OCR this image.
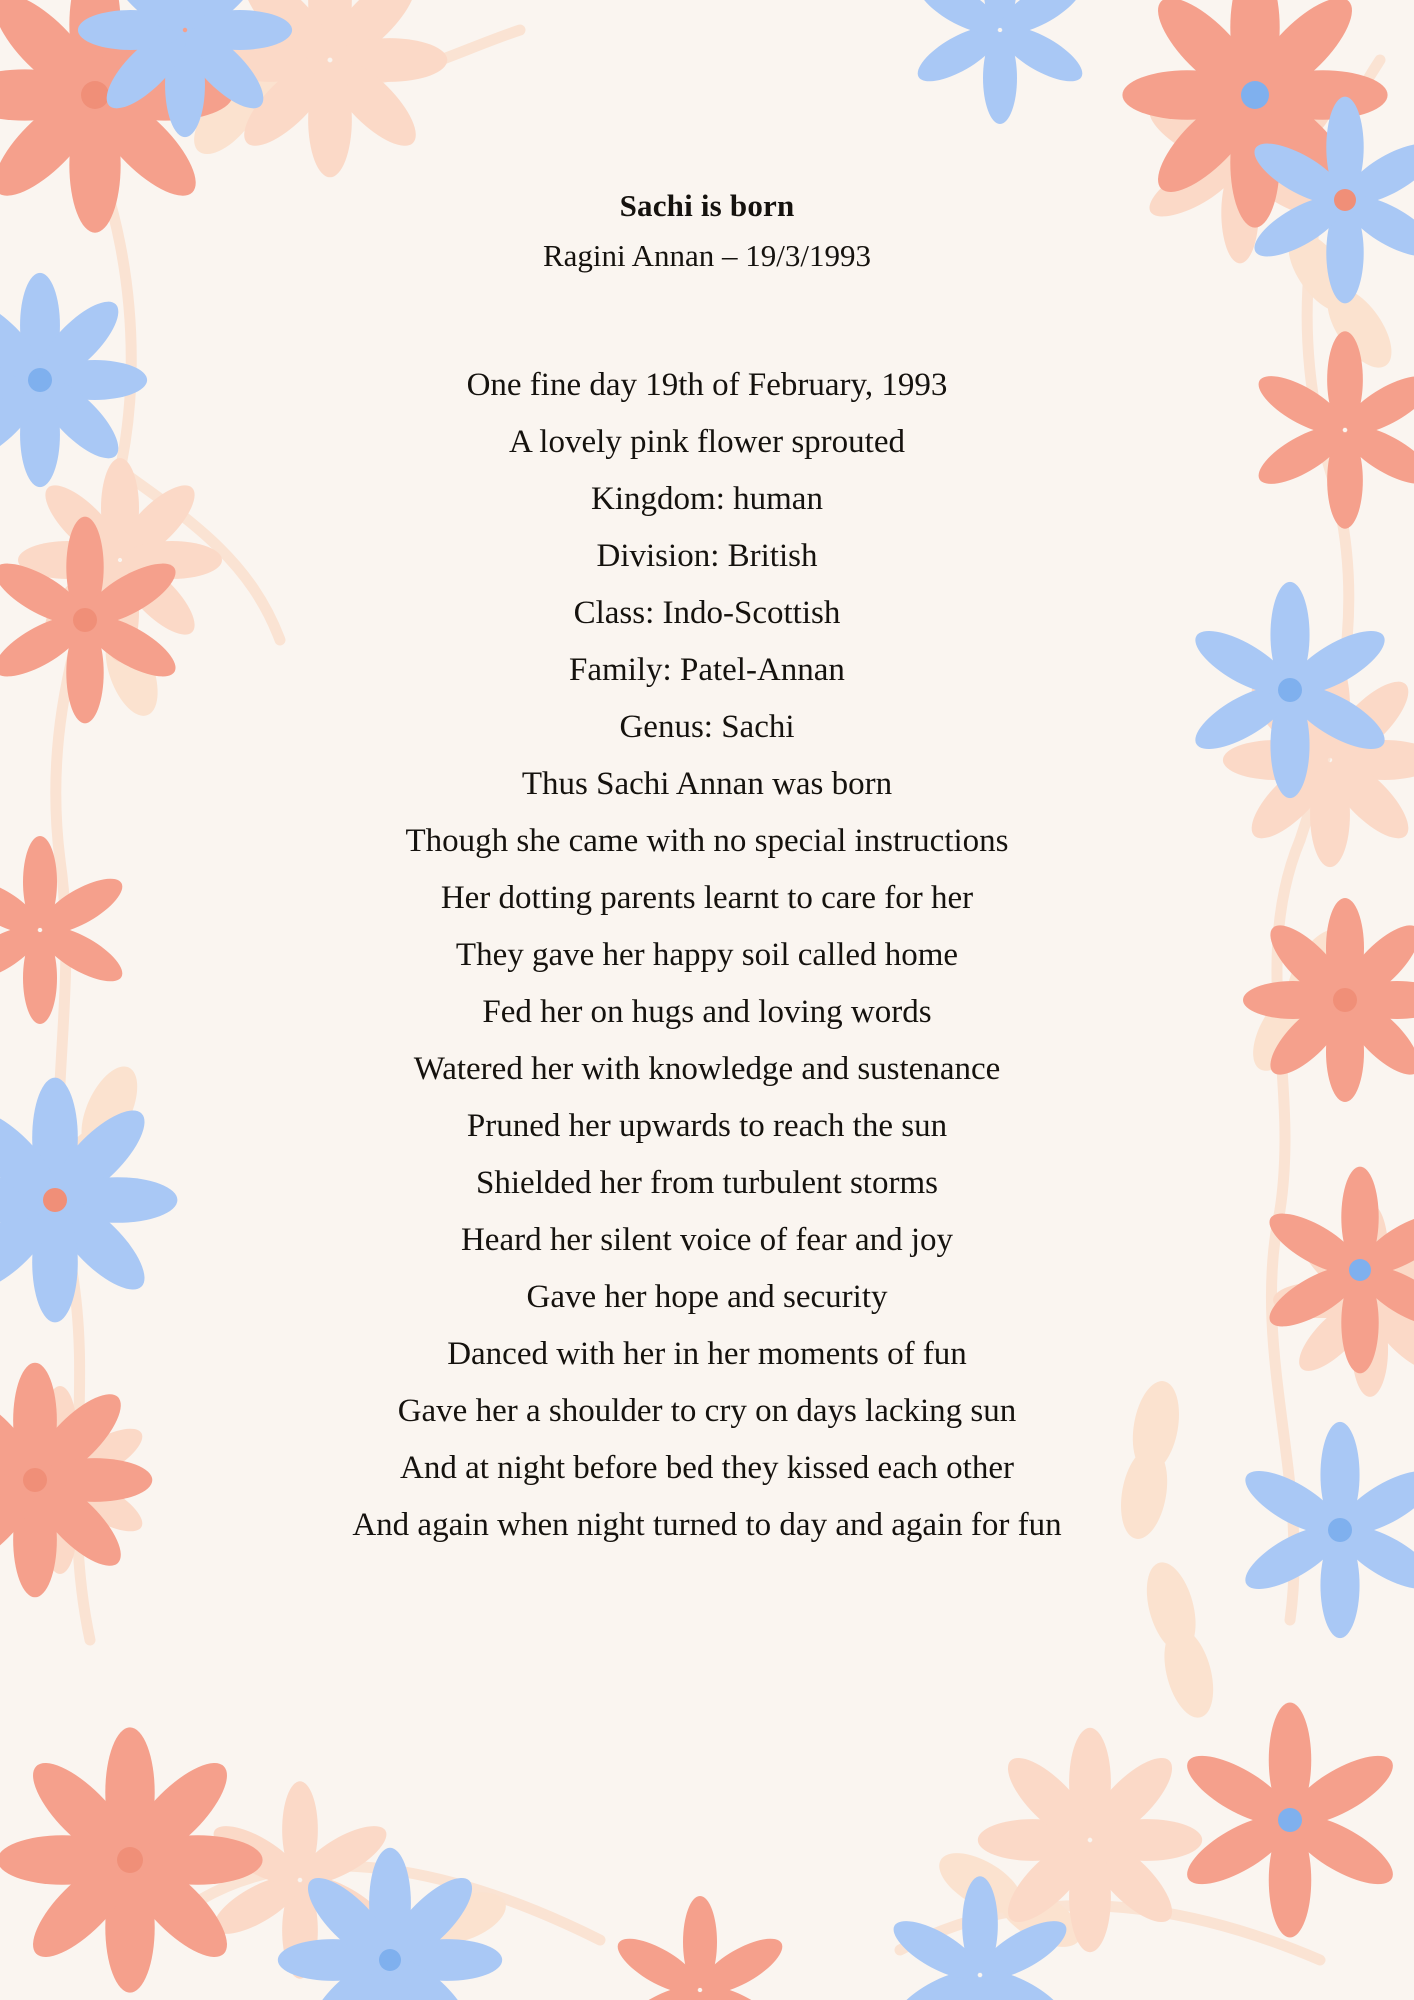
Sachi is born
Ragini Annan – 19/3/1993

One fine day 19th of February, 1993
A lovely pink flower sprouted
Kingdom: human
Division: British
Class: Indo-Scottish
Family: Patel-Annan
Genus: Sachi
Thus Sachi Annan was born
Though she came with no special instructions
Her dotting parents learnt to care for her
They gave her happy soil called home
Fed her on hugs and loving words
Watered her with knowledge and sustenance
Pruned her upwards to reach the sun
Shielded her from turbulent storms
Heard her silent voice of fear and joy
Gave her hope and security
Danced with her in her moments of fun
Gave her a shoulder to cry on days lacking sun
And at night before bed they kissed each other
And again when night turned to day and again for fun
